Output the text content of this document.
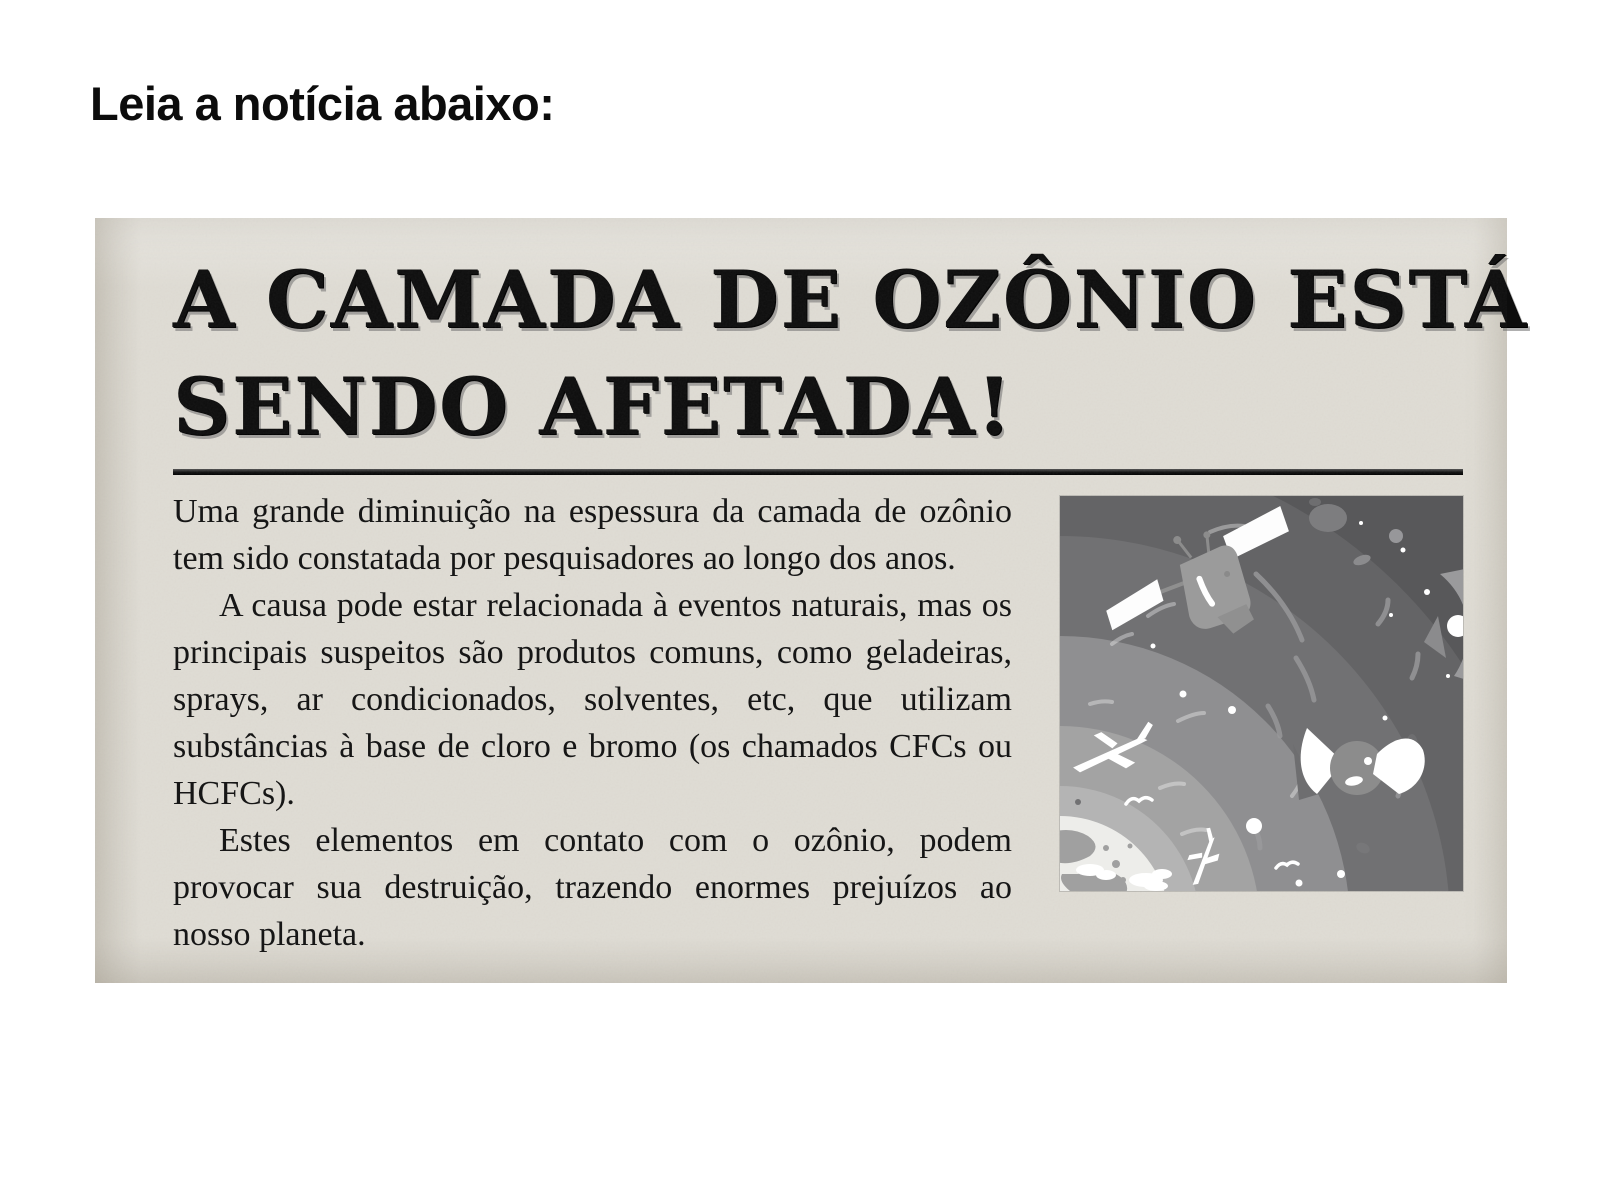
Leia a notícia abaixo:
A CAMADA DE OZÔNIO ESTÁ
SENDO AFETADA!

Uma grande diminuição na espessura da camada de ozônio tem sido constatada por pesquisadores ao longo dos anos.

A causa pode estar relacionada à eventos naturais, mas os principais suspeitos são produtos comuns, como geladeiras, sprays, ar condicionados, solventes, etc, que utilizam substâncias à base de cloro e bromo (os chamados CFCs ou HCFCs).

Estes elementos em contato com o ozônio, podem provocar sua destruição, trazendo enormes prejuízos ao nosso planeta.
